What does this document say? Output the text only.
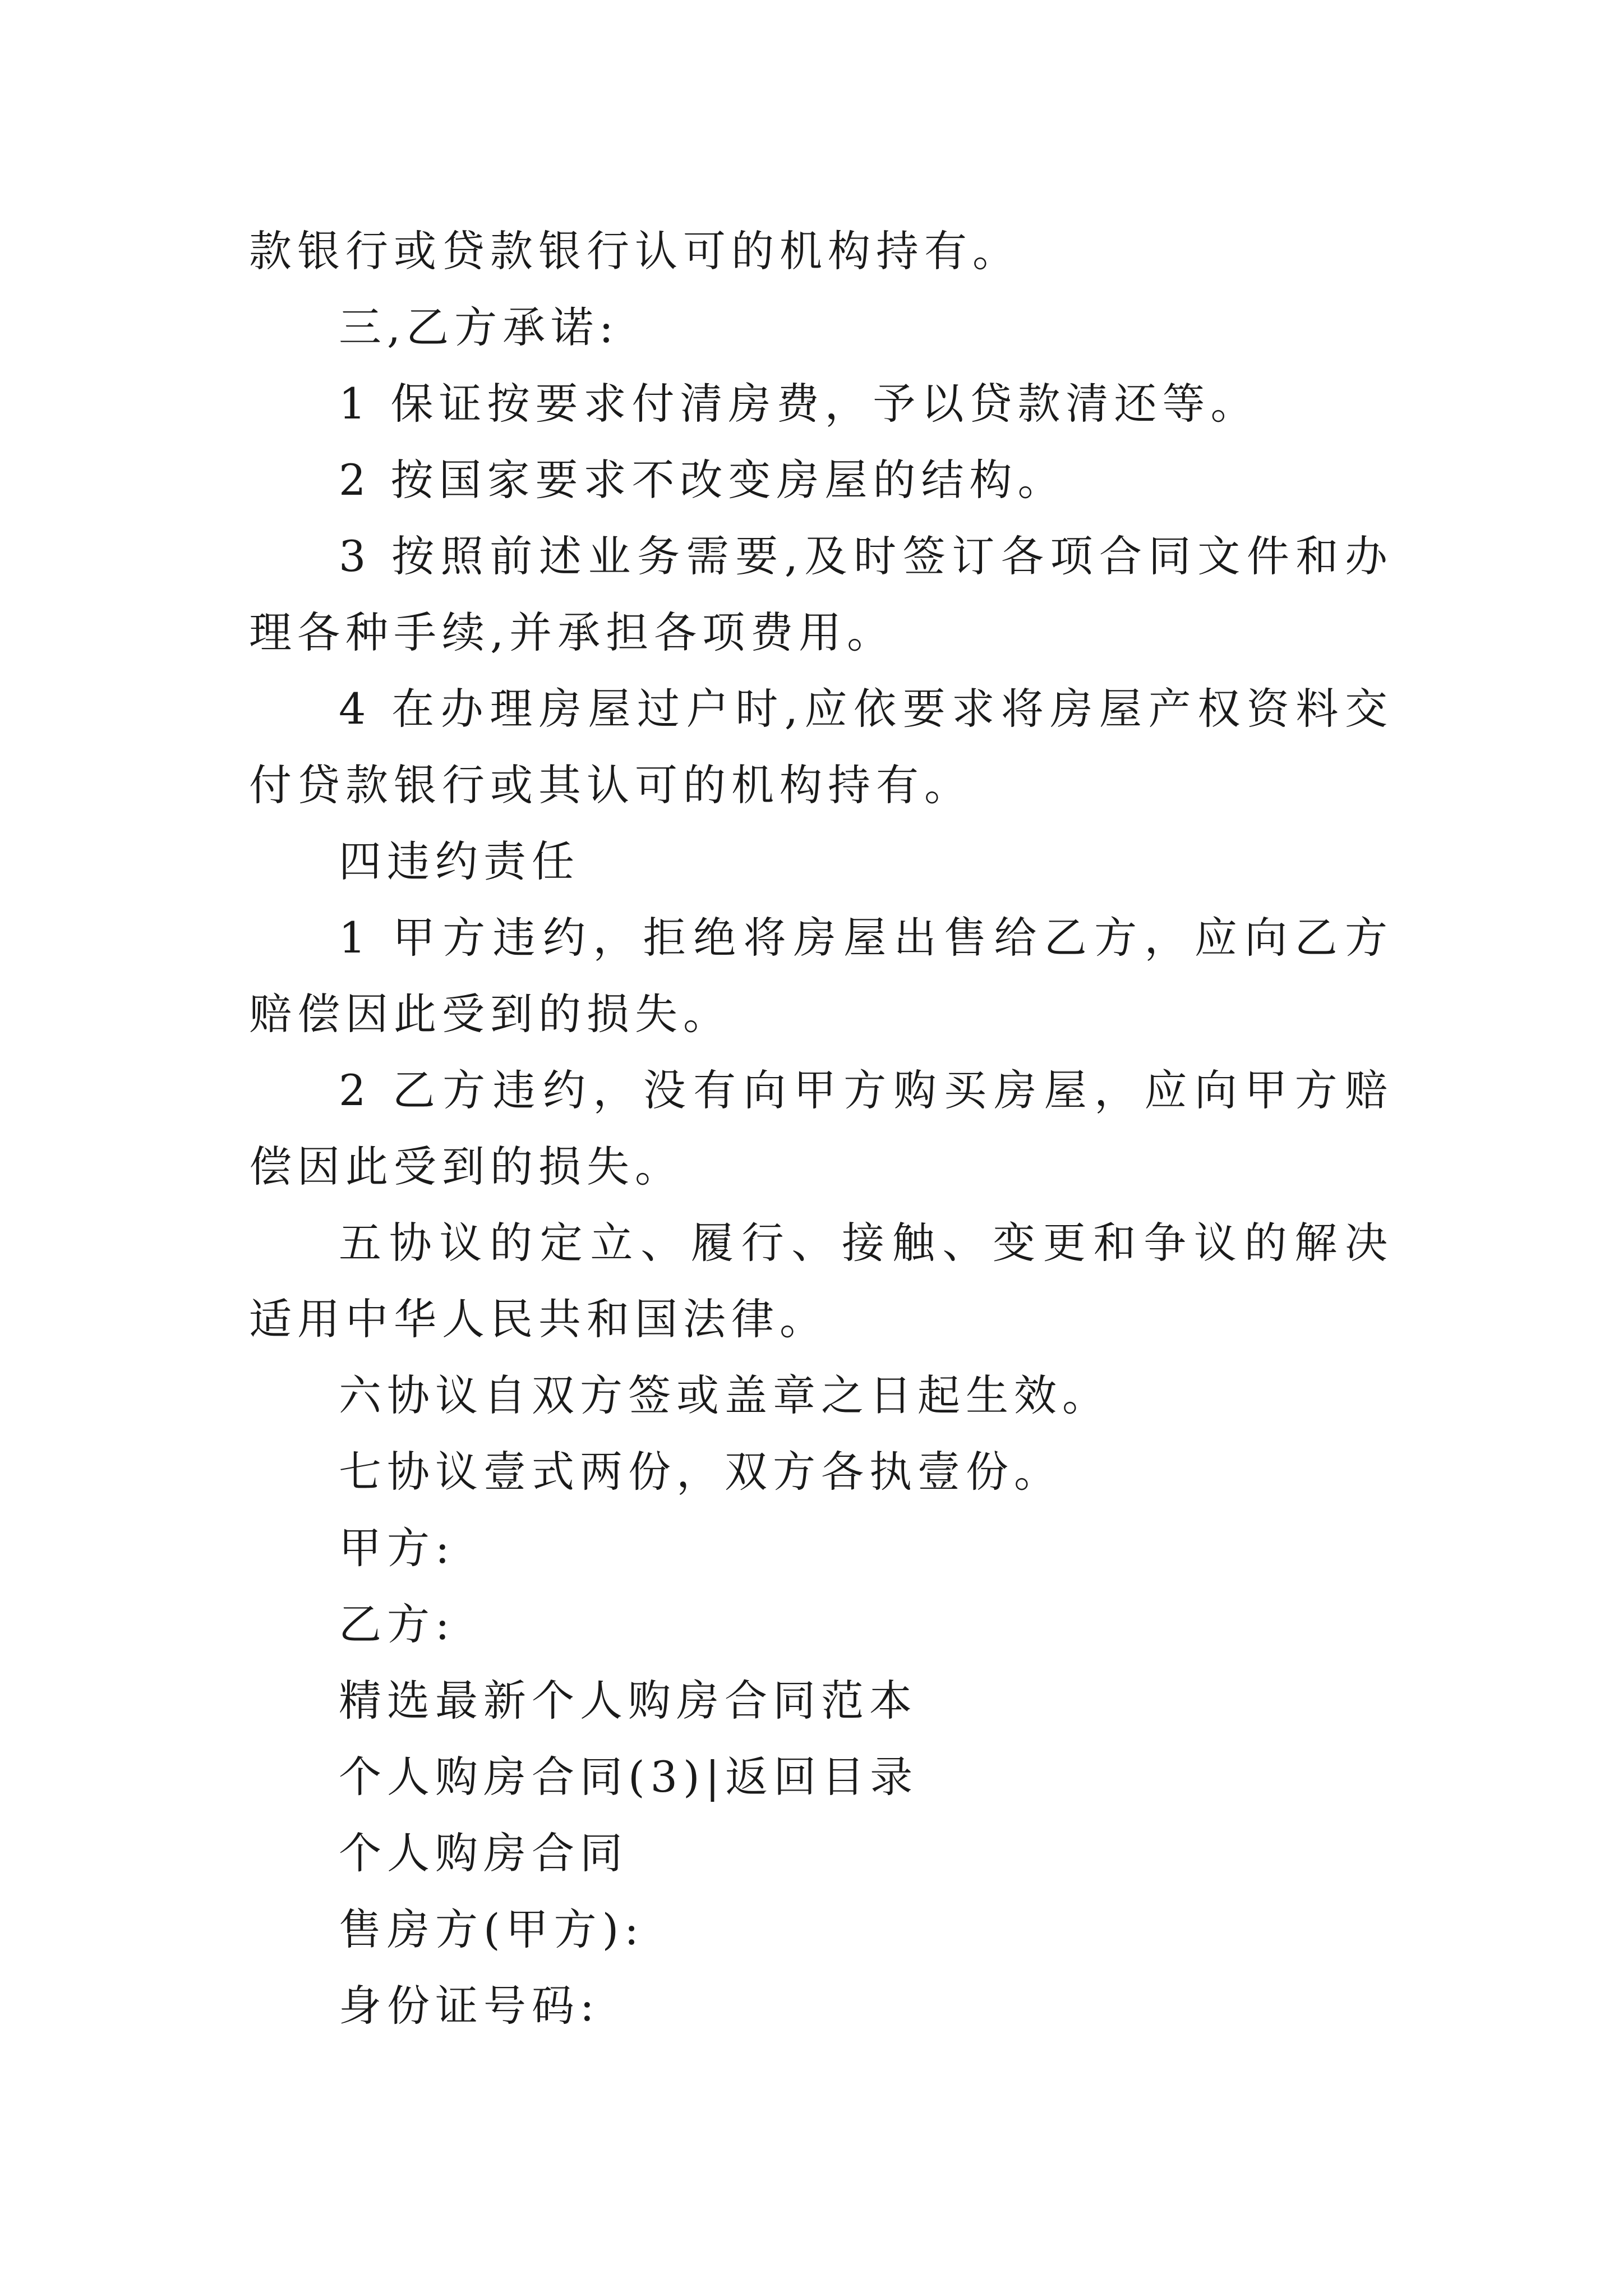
款银行或贷款银行认可的机构持有。

三,乙方承诺:

1 保证按要求付清房费，予以贷款清还等。

2 按国家要求不改变房屋的结构。

3 按照前述业务需要,及时签订各项合同文件和办理各种手续,并承担各项费用。

4 在办理房屋过户时,应依要求将房屋产权资料交付贷款银行或其认可的机构持有。

四违约责任

1 甲方违约，拒绝将房屋出售给乙方，应向乙方赔偿因此受到的损失。

2 乙方违约，没有向甲方购买房屋，应向甲方赔偿因此受到的损失。

五协议的定立、履行、接触、变更和争议的解决适用中华人民共和国法律。

六协议自双方签或盖章之日起生效。

七协议壹式两份，双方各执壹份。

甲方:

乙方:

精选最新个人购房合同范本

个人购房合同(3)|返回目录

个人购房合同

售房方(甲方):

身份证号码:
